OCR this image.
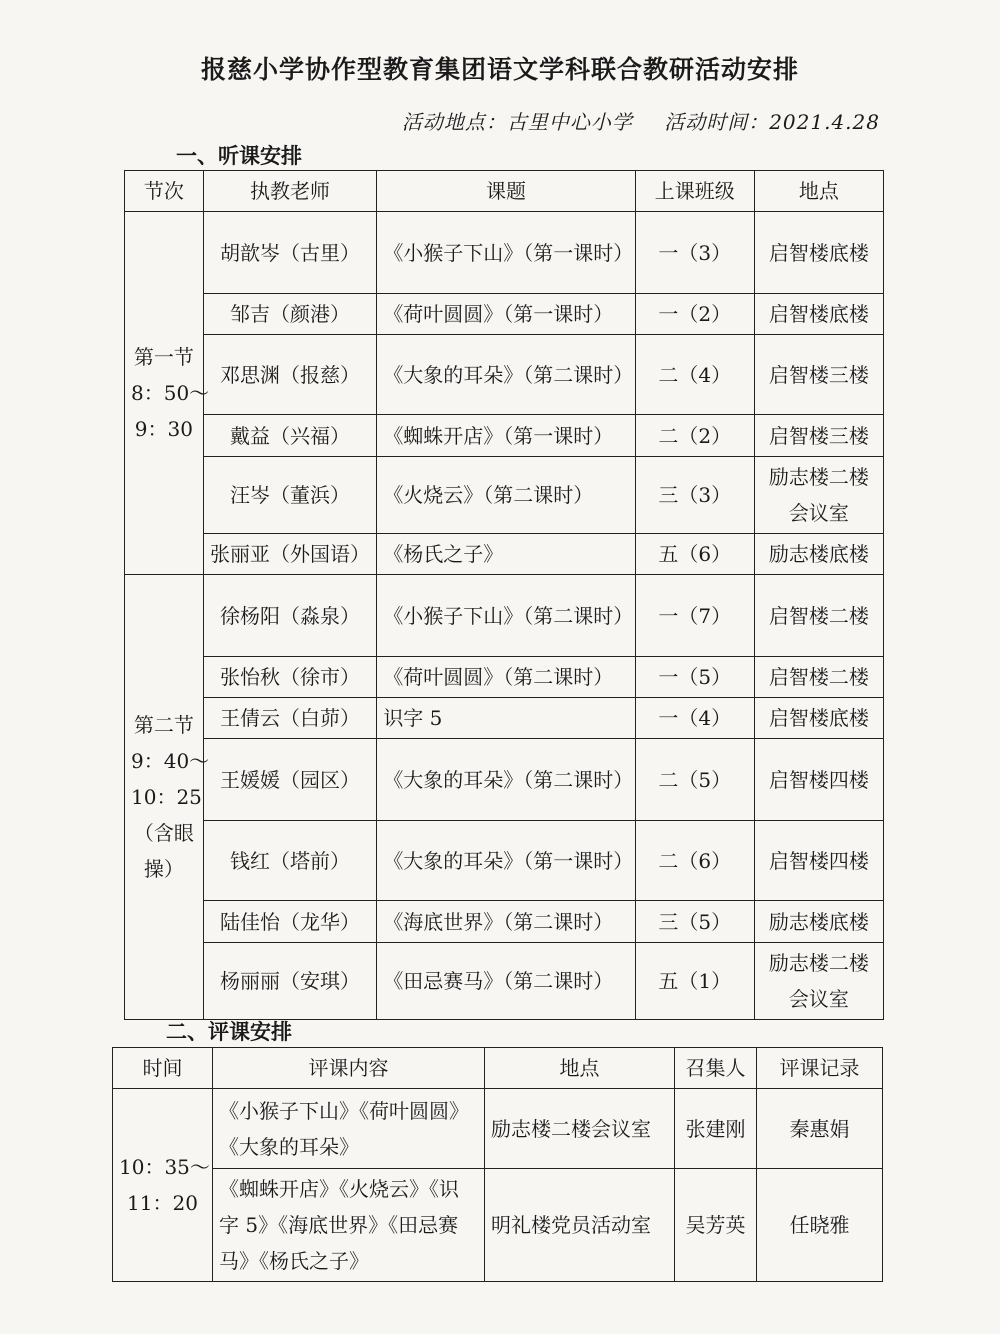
报慈小学协作型教育集团语文学科联合教研活动安排
活动地点：古里中心小学 活动时间：2021.4.28
一、听课安排
节次	执教老师	课题	上课班级	地点

第一节
8：50～
9：30	胡歆岑（古里）	《小猴子下山》（第一课时）	一（3）	启智楼底楼
	邹吉（颜港）	《荷叶圆圆》（第一课时）	一（2）	启智楼底楼
	邓思渊（报慈）	《大象的耳朵》（第二课时）	二（4）	启智楼三楼
	戴益（兴福）	《蜘蛛开店》（第一课时）	二（2）	启智楼三楼
	汪岑（董浜）	《火烧云》（第二课时）	三（3）	励志楼二楼会议室
	张丽亚（外国语）	《杨氏之子》	五（6）	励志楼底楼

第二节
9：40～
10：25
（含眼
操）	徐杨阳（淼泉）	《小猴子下山》（第二课时）	一（7）	启智楼二楼
	张怡秋（徐市）	《荷叶圆圆》（第二课时）	一（5）	启智楼二楼
	王倩云（白茆）	识字 5	一（4）	启智楼底楼
	王媛媛（园区）	《大象的耳朵》（第二课时）	二（5）	启智楼四楼
	钱红（塔前）	《大象的耳朵》（第一课时）	二（6）	启智楼四楼
	陆佳怡（龙华）	《海底世界》（第二课时）	三（5）	励志楼底楼
	杨丽丽（安琪）	《田忌赛马》（第二课时）	五（1）	励志楼二楼会议室
二、评课安排
时间	评课内容	地点	召集人	评课记录

10：35～
11：20	《小猴子下山》《荷叶圆圆》《大象的耳朵》	励志楼二楼会议室	张建刚	秦惠娟
	《蜘蛛开店》《火烧云》《识字 5》《海底世界》《田忌赛马》《杨氏之子》	明礼楼党员活动室	吴芳英	任晓雅
